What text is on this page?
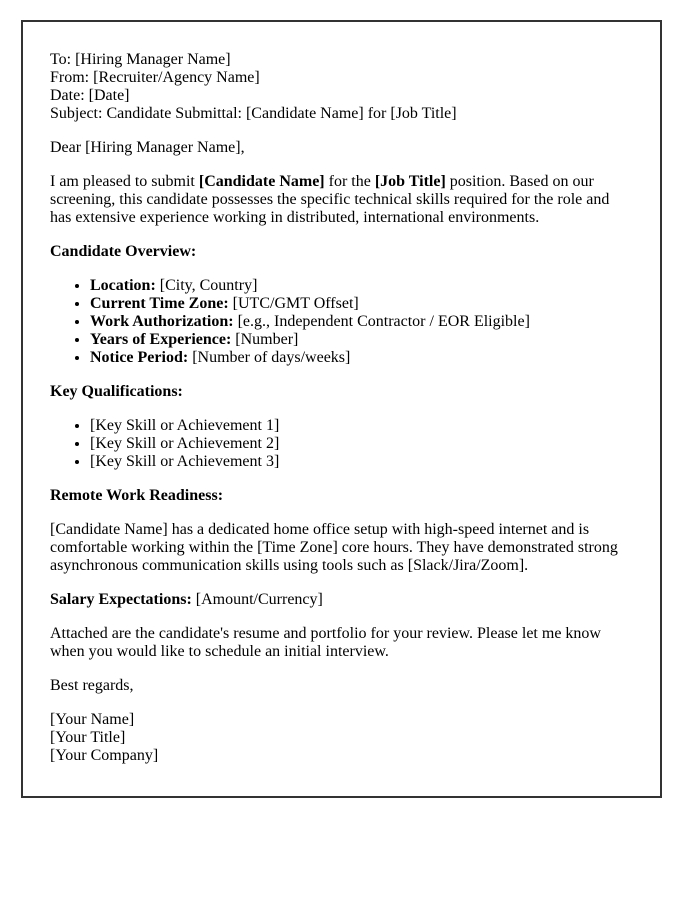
To: [Hiring Manager Name]
From: [Recruiter/Agency Name]
Date: [Date]
Subject: Candidate Submittal: [Candidate Name] for [Job Title]

Dear [Hiring Manager Name],

I am pleased to submit [Candidate Name] for the [Job Title] position. Based on our screening, this candidate possesses the specific technical skills required for the role and has extensive experience working in distributed, international environments.

Candidate Overview:

• Location: [City, Country]
• Current Time Zone: [UTC/GMT Offset]
• Work Authorization: [e.g., Independent Contractor / EOR Eligible]
• Years of Experience: [Number]
• Notice Period: [Number of days/weeks]

Key Qualifications:

• [Key Skill or Achievement 1]
• [Key Skill or Achievement 2]
• [Key Skill or Achievement 3]

Remote Work Readiness:

[Candidate Name] has a dedicated home office setup with high-speed internet and is comfortable working within the [Time Zone] core hours. They have demonstrated strong asynchronous communication skills using tools such as [Slack/Jira/Zoom].

Salary Expectations: [Amount/Currency]

Attached are the candidate's resume and portfolio for your review. Please let me know when you would like to schedule an initial interview.

Best regards,

[Your Name]
[Your Title]
[Your Company]
